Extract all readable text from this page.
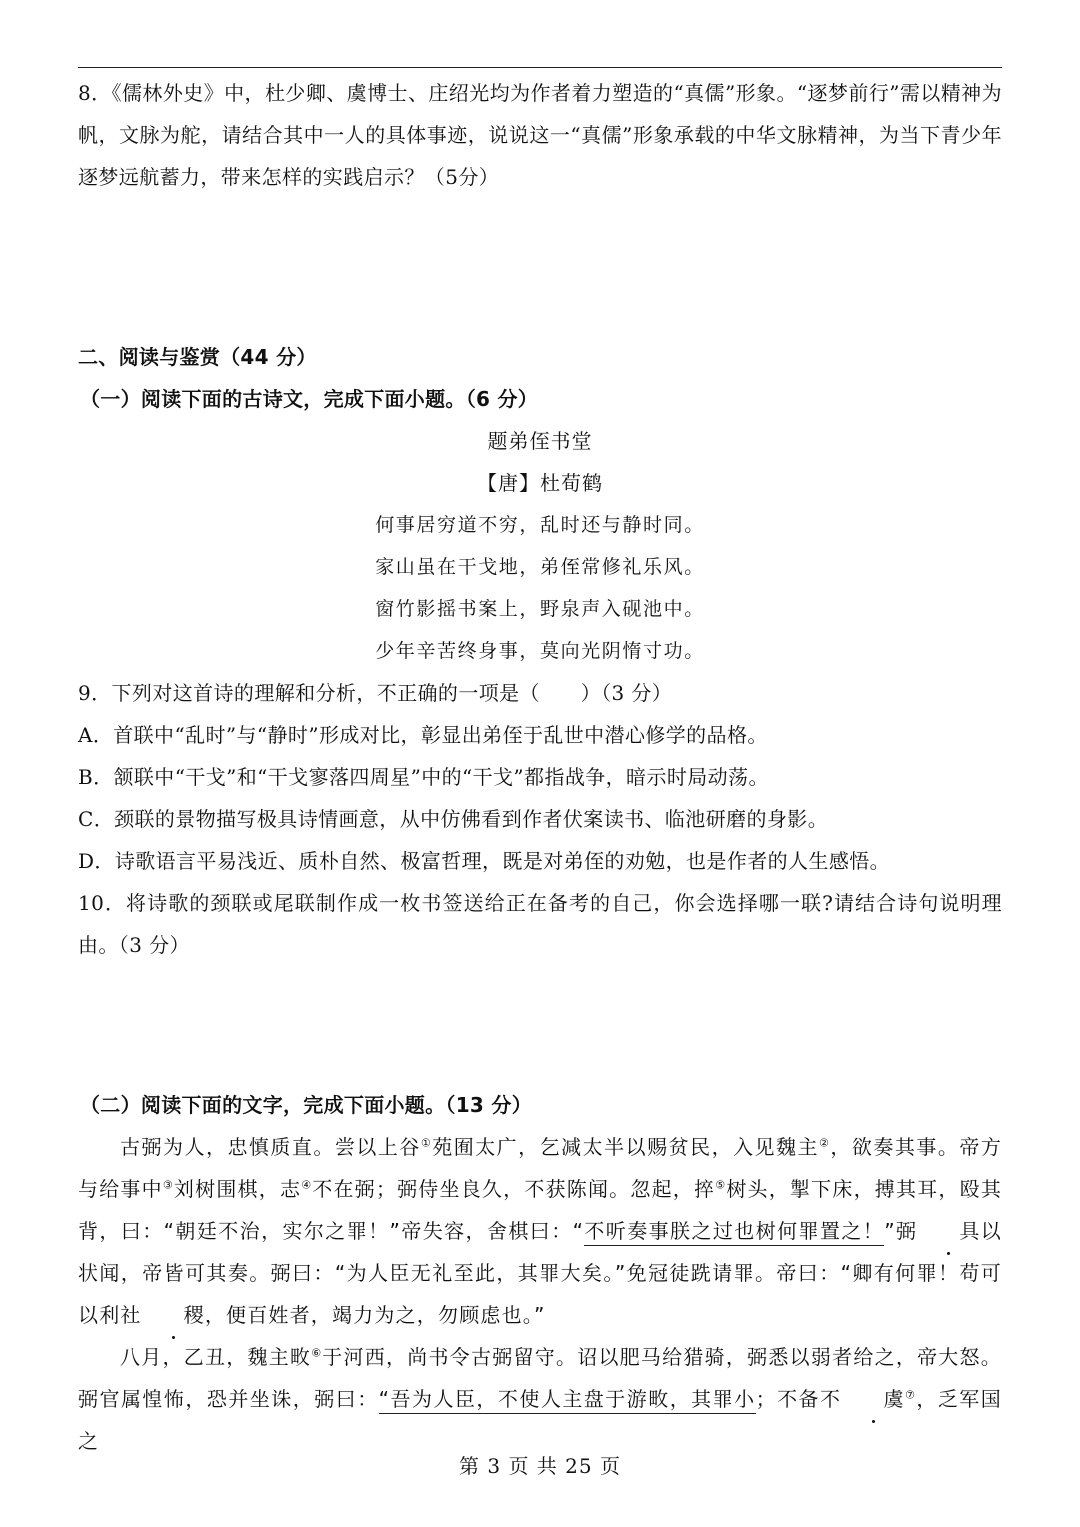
8．《儒林外史》中，杜少卿、虞博士、庄绍光均为作者着力塑造的“真儒”形象。“逐梦前行”需以精神为帆，文脉为舵，请结合其中一人的具体事迹，说说这一“真儒”形象承载的中华文脉精神，为当下青少年逐梦远航蓄力，带来怎样的实践启示？（5分）

二、阅读与鉴赏（44 分）

（一）阅读下面的古诗文，完成下面小题。（6 分）

题弟侄书堂

【唐】杜荀鹤

何事居穷道不穷，乱时还与静时同。

家山虽在干戈地，弟侄常修礼乐风。

窗竹影摇书案上，野泉声入砚池中。

少年辛苦终身事，莫向光阴惰寸功。

9．下列对这首诗的理解和分析，不正确的一项是（　　）（3 分）

A．首联中“乱时”与“静时”形成对比，彰显出弟侄于乱世中潜心修学的品格。

B．颔联中“干戈”和“干戈寥落四周星”中的“干戈”都指战争，暗示时局动荡。

C．颈联的景物描写极具诗情画意，从中仿佛看到作者伏案读书、临池研磨的身影。

D．诗歌语言平易浅近、质朴自然、极富哲理，既是对弟侄的劝勉，也是作者的人生感悟。

10．将诗歌的颈联或尾联制作成一枚书签送给正在备考的自己，你会选择哪一联?请结合诗句说明理由。（3 分）

（二）阅读下面的文字，完成下面小题。（13 分）

古弼为人，忠慎质直。尝以上谷①苑囿太广，乞减太半以赐贫民，入见魏主②，欲奏其事。帝方与给事中③刘树围棋，志④不在弼；弼侍坐良久，不获陈闻。忽起，捽⑤树头，掣下床，搏其耳，殴其背，曰：“朝廷不治，实尔之罪！”帝失容，舍棋曰：“不听奏事朕之过也树何罪置之！”弼 具以状闻，帝皆可其奏。弼曰：“为人臣无礼至此，其罪大矣。”免冠徒跣请罪。帝曰：“卿有何罪！苟可以利社 稷，便百姓者，竭力为之，勿顾虑也。”

八月，乙丑，魏主畋⑥于河西，尚书令古弼留守。诏以肥马给猎骑，弼悉以弱者给之，帝大怒。弼官属惶怖，恐并坐诛，弼曰：“吾为人臣，不使人主盘于游畋，其罪小；不备不 虞⑦，乏军国之

第 3 页 共 25 页
